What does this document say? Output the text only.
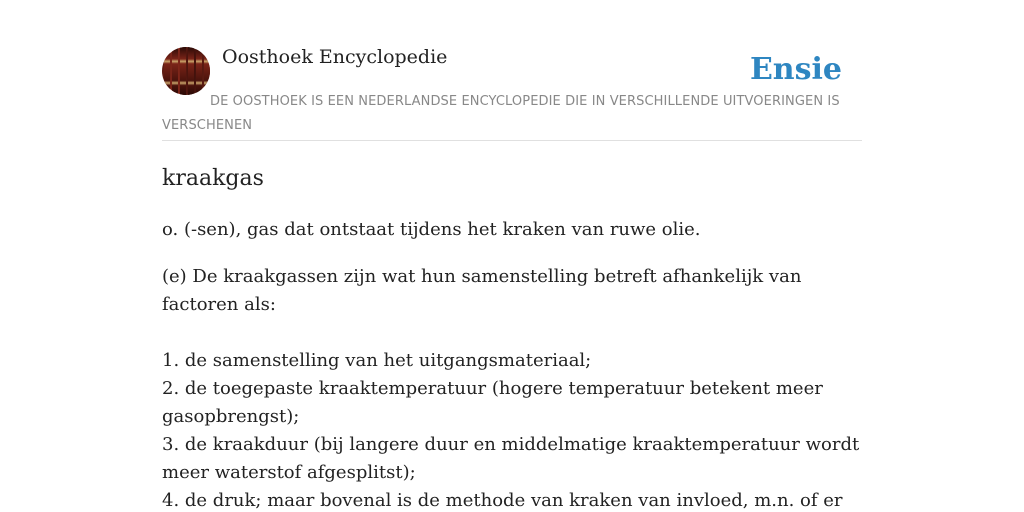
Oosthoek Encyclopedie	Ensie
DE OOSTHOEK IS EEN NEDERLANDSE ENCYCLOPEDIE DIE IN VERSCHILLENDE UITVOERINGEN IS VERSCHENEN
kraakgas

o. (-sen), gas dat ontstaat tijdens het kraken van ruwe olie.

(e) De kraakgassen zijn wat hun samenstelling betreft afhankelijk van factoren als:
1. de samenstelling van het uitgangsmateriaal;
2. de toegepaste kraaktemperatuur (hogere temperatuur betekent meer gasopbrengst);
3. de kraakduur (bij langere duur en middelmatige kraaktemperatuur wordt meer waterstof afgesplitst);
4. de druk; maar bovenal is de methode van kraken van invloed, m.n. of er
